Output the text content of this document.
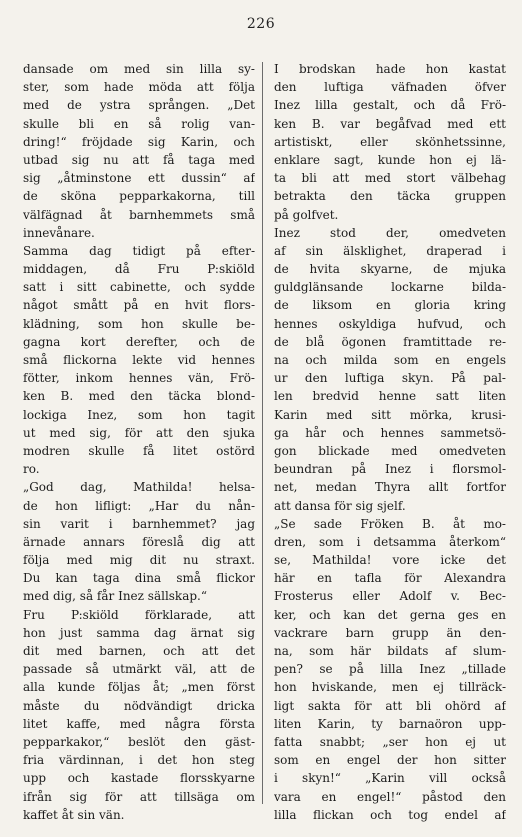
226
dansade om med sin lilla sy-
ster, som hade möda att följa
med de ystra sprången. „Det
skulle bli en så rolig van-
dring!“ fröjdade sig Karin, och
utbad sig nu att få taga med
sig „åtminstone ett dussin“ af
de sköna pepparkakorna, till
välfägnad åt barnhemmets små
innevånare.
Samma dag tidigt på efter-
middagen, då Fru P:skiöld
satt i sitt cabinette, och sydde
något smått på en hvit flors-
klädning, som hon skulle be-
gagna kort derefter, och de
små flickorna lekte vid hennes
fötter, inkom hennes vän, Frö-
ken B. med den täcka blond-
lockiga Inez, som hon tagit
ut med sig, för att den sjuka
modren skulle få litet ostörd
ro.
„God dag, Mathilda! helsa-
de hon lifligt: „Har du nån-
sin varit i barnhemmet? jag
ärnade annars föreslå dig att
följa med mig dit nu straxt.
Du kan taga dina små flickor
med dig, så får Inez sällskap.“
Fru P:skiöld förklarade, att
hon just samma dag ärnat sig
dit med barnen, och att det
passade så utmärkt väl, att de
alla kunde följas åt; „men först
måste du nödvändigt dricka
litet kaffe, med några första
pepparkakor,“ beslöt den gäst-
fria värdinnan, i det hon steg
upp och kastade florsskyarne
ifrån sig för att tillsäga om
kaffet åt sin vän.
I brodskan hade hon kastat
den luftiga väfnaden öfver
Inez lilla gestalt, och då Frö-
ken B. var begåfvad med ett
artistiskt, eller skönhetssinne,
enklare sagt, kunde hon ej lä-
ta bli att med stort välbehag
betrakta den täcka gruppen
på golfvet.
Inez stod der, omedveten
af sin älsklighet, draperad i
de hvita skyarne, de mjuka
guldglänsande lockarne bilda-
de liksom en gloria kring
hennes oskyldiga hufvud, och
de blå ögonen framtittade re-
na och milda som en engels
ur den luftiga skyn. På pal-
len bredvid henne satt liten
Karin med sitt mörka, krusi-
ga hår och hennes sammetsö-
gon blickade med omedveten
beundran på Inez i florsmol-
net, medan Thyra allt fortfor
att dansa för sig sjelf.
„Se sade Fröken B. åt mo-
dren, som i detsamma återkom“
se, Mathilda! vore icke det
här en tafla för Alexandra
Frosterus eller Adolf v. Bec-
ker, och kan det gerna ges en
vackrare barn grupp än den-
na, som här bildats af slum-
pen? se på lilla Inez „tillade
hon hviskande, men ej tillräck-
ligt sakta för att bli ohörd af
liten Karin, ty barnaöron upp-
fatta snabbt; „ser hon ej ut
som en engel der hon sitter
i skyn!“ „Karin vill också
vara en engel!“ påstod den
lilla flickan och tog endel af
